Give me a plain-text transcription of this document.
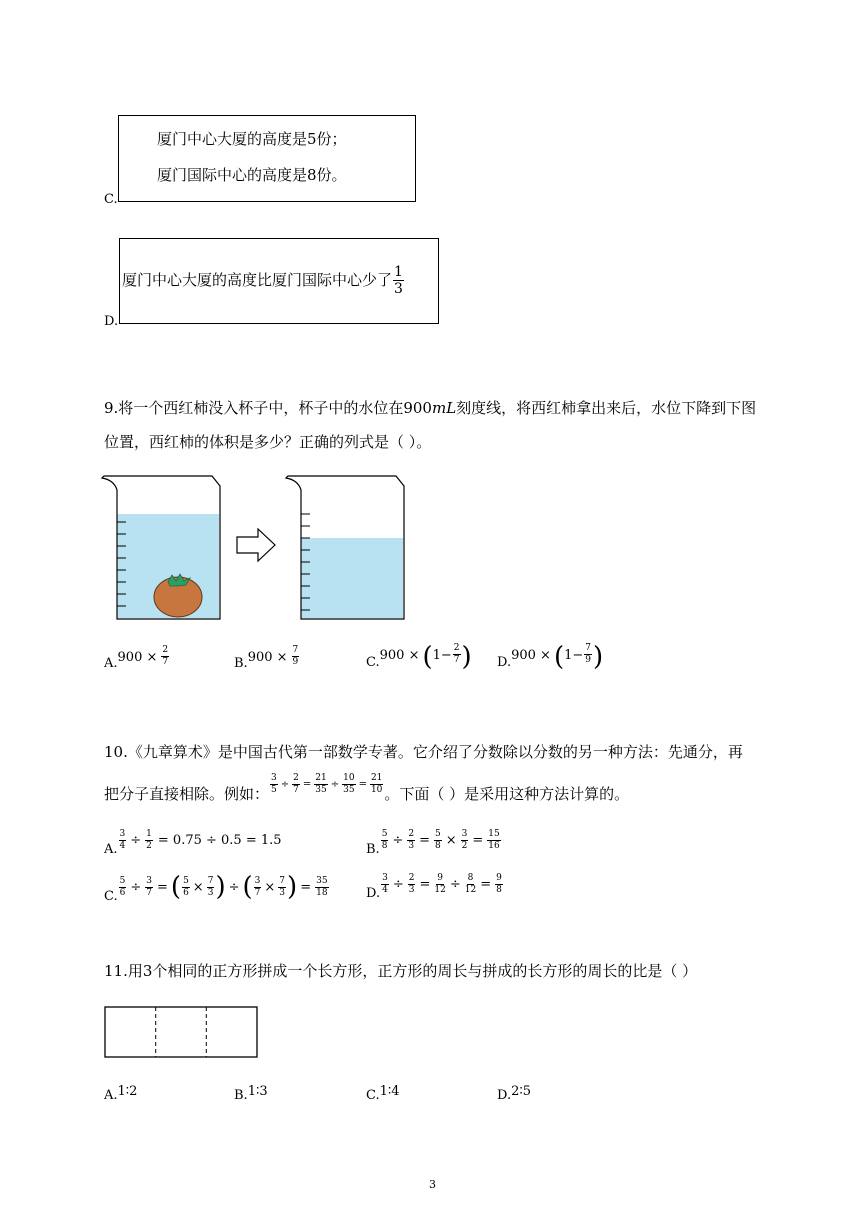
厦门中心大厦的高度是5份；
厦门国际中心的高度是8份。
C.
厦门中心大厦的高度比厦门国际中心少了 $\frac{1}{3}$
D.
9.将一个西红柿没入杯子中，杯子中的水位在900mL刻度线，将西红柿拿出来后，水位下降到下图
位置，西红柿的体积是多少？正确的列式是（ ）。
A. $900 \times \frac{2}{7}$	B. $900 \times \frac{7}{9}$	C. 900 × ( $1- \frac{2}{7}$ ) D. 900 × ( $1- \frac{7}{9}$ )
10.《九章算术》是中国古代第一部数学专著。它介绍了分数除以分数的另一种方法：先通分，再
把分子直接相除。例如： $\frac{3}{5} \div \frac{2}{7} = \frac{21}{35} \div \frac{10}{35} = \frac{21}{10}$ 。下面（ ）是采用这种方法计算的。
A. $\frac{3}{4} \div \frac{1}{2} = 0.75 \div 0.5 = 1.5$
B. $\frac{5}{8} \div \frac{2}{3} = \frac{5}{8} \times \frac{3}{2} = \frac{15}{16}$
C. $\frac{5}{6} \div \frac{3}{7}$ = ( $\frac{5}{6} \times \frac{7}{3}$ ) ÷ ( $\frac{3}{7} \times \frac{7}{3}$ ) = $\frac{35}{18}$	D. $\frac{3}{4} \div \frac{2}{3} = \frac{9}{12} \div \frac{8}{12} = \frac{9}{8}$
11.用3个相同的正方形拼成一个长方形，正方形的周长与拼成的长方形的周长的比是（ ）
A. 1∶2	B. 1∶3	C. 1∶4	D. 2∶5
3
